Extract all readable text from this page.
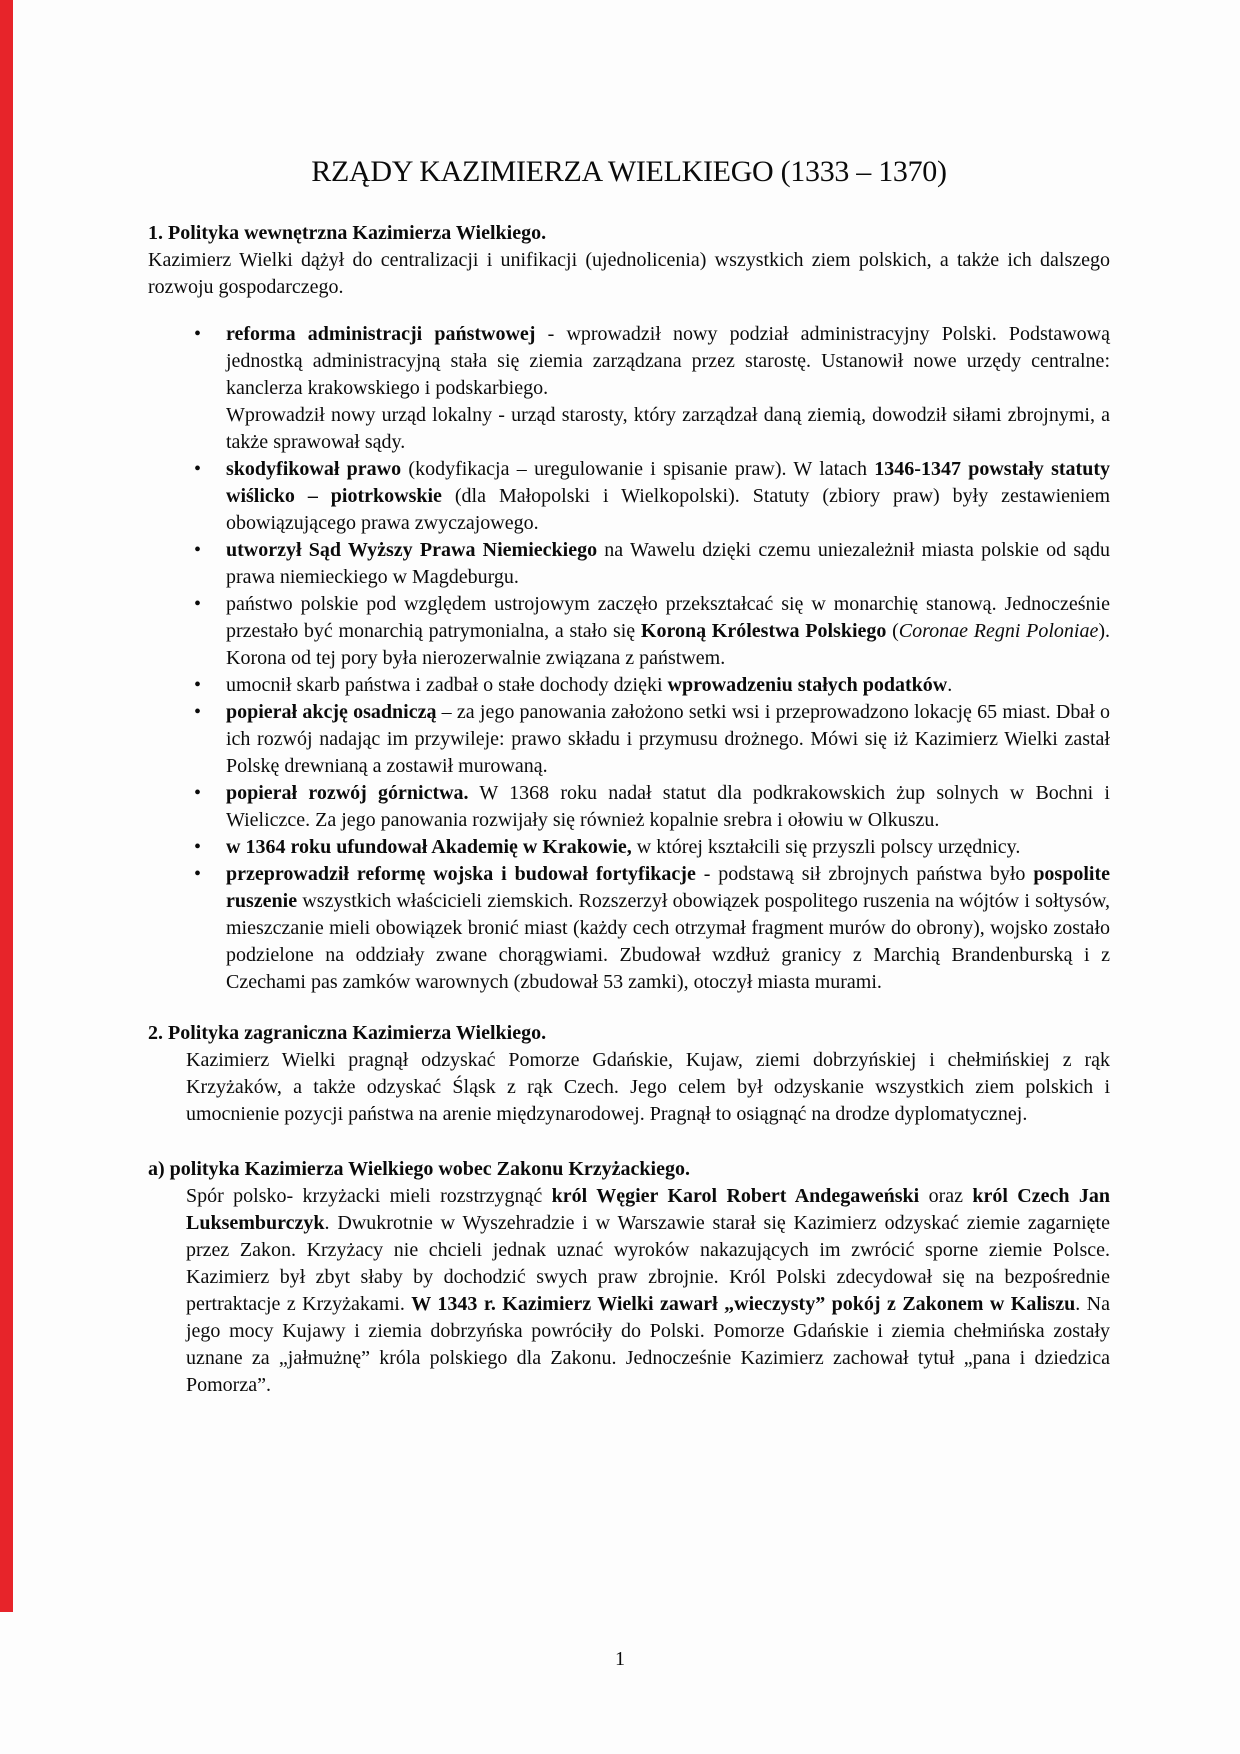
RZĄDY KAZIMIERZA WIELKIEGO (1333 – 1370)
1. Polityka wewnętrzna Kazimierza Wielkiego.

Kazimierz Wielki dążył do centralizacji i unifikacji (ujednolicenia) wszystkich ziem polskich, a także ich dalszego rozwoju gospodarczego.

• reforma administracji państwowej - wprowadził nowy podział administracyjny Polski. Podstawową jednostką administracyjną stała się ziemia zarządzana przez starostę. Ustanowił nowe urzędy centralne: kanclerza krakowskiego i podskarbiego.
Wprowadził nowy urząd lokalny - urząd starosty, który zarządzał daną ziemią, dowodził siłami zbrojnymi, a także sprawował sądy.
• skodyfikował prawo (kodyfikacja – uregulowanie i spisanie praw). W latach 1346-1347 powstały statuty wiślicko – piotrkowskie (dla Małopolski i Wielkopolski). Statuty (zbiory praw) były zestawieniem obowiązującego prawa zwyczajowego.
• utworzył Sąd Wyższy Prawa Niemieckiego na Wawelu dzięki czemu uniezależnił miasta polskie od sądu prawa niemieckiego w Magdeburgu.
• państwo polskie pod względem ustrojowym zaczęło przekształcać się w monarchię stanową. Jednocześnie przestało być monarchią patrymonialna, a stało się Koroną Królestwa Polskiego (Coronae Regni Poloniae). Korona od tej pory była nierozerwalnie związana z państwem.
• umocnił skarb państwa i zadbał o stałe dochody dzięki wprowadzeniu stałych podatków.
• popierał akcję osadniczą – za jego panowania założono setki wsi i przeprowadzono lokację 65 miast. Dbał o ich rozwój nadając im przywileje: prawo składu i przymusu drożnego. Mówi się iż Kazimierz Wielki zastał Polskę drewnianą a zostawił murowaną.
• popierał rozwój górnictwa. W 1368 roku nadał statut dla podkrakowskich żup solnych w Bochni i Wieliczce. Za jego panowania rozwijały się również kopalnie srebra i ołowiu w Olkuszu.
• w 1364 roku ufundował Akademię w Krakowie, w której kształcili się przyszli polscy urzędnicy.
• przeprowadził reformę wojska i budował fortyfikacje - podstawą sił zbrojnych państwa było pospolite ruszenie wszystkich właścicieli ziemskich. Rozszerzył obowiązek pospolitego ruszenia na wójtów i sołtysów, mieszczanie mieli obowiązek bronić miast (każdy cech otrzymał fragment murów do obrony), wojsko zostało podzielone na oddziały zwane chorągwiami. Zbudował wzdłuż granicy z Marchią Brandenburską i z Czechami pas zamków warownych (zbudował 53 zamki), otoczył miasta murami.
2. Polityka zagraniczna Kazimierza Wielkiego.

Kazimierz Wielki pragnął odzyskać Pomorze Gdańskie, Kujaw, ziemi dobrzyńskiej i chełmińskiej z rąk Krzyżaków, a także odzyskać Śląsk z rąk Czech. Jego celem był odzyskanie wszystkich ziem polskich i umocnienie pozycji państwa na arenie międzynarodowej. Pragnął to osiągnąć na drodze dyplomatycznej.

a) polityka Kazimierza Wielkiego wobec Zakonu Krzyżackiego.

Spór polsko- krzyżacki mieli rozstrzygnąć król Węgier Karol Robert Andegaweński oraz król Czech Jan Luksemburczyk. Dwukrotnie w Wyszehradzie i w Warszawie starał się Kazimierz odzyskać ziemie zagarnięte przez Zakon. Krzyżacy nie chcieli jednak uznać wyroków nakazujących im zwrócić sporne ziemie Polsce. Kazimierz był zbyt słaby by dochodzić swych praw zbrojnie. Król Polski zdecydował się na bezpośrednie pertraktacje z Krzyżakami. W 1343 r. Kazimierz Wielki zawarł „wieczysty” pokój z Zakonem w Kaliszu. Na jego mocy Kujawy i ziemia dobrzyńska powróciły do Polski. Pomorze Gdańskie i ziemia chełmińska zostały uznane za „jałmużnę” króla polskiego dla Zakonu. Jednocześnie Kazimierz zachował tytuł „pana i dziedzica Pomorza”.

1
